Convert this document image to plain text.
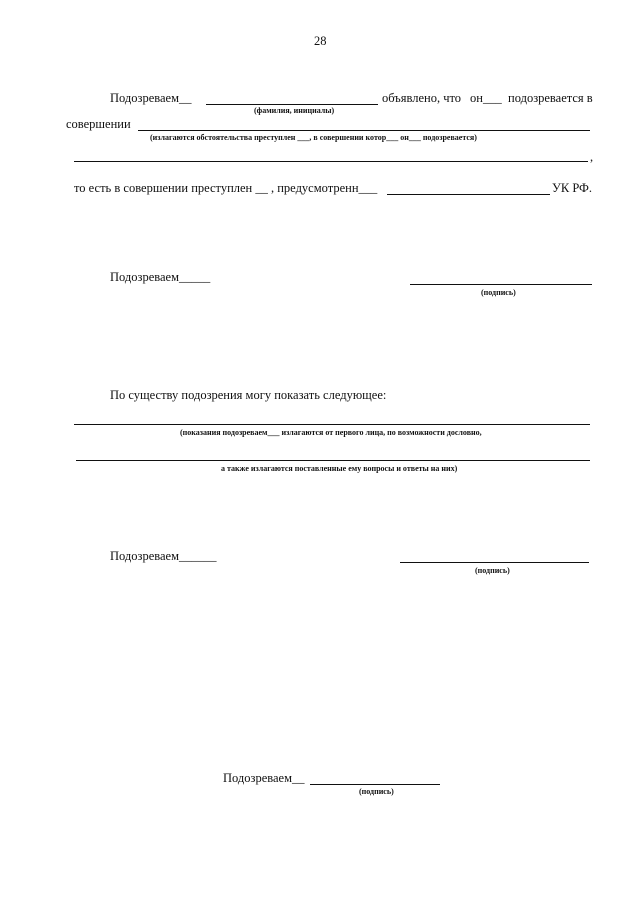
28
Подозреваем__	объявлено, что он___ подозревается в
(фамилия, инициалы)
совершении
(излагаются обстоятельства преступлен ___, в совершении котор___ он___ подозревается)
,
то есть в совершении преступлен __ , предусмотренн___	УК РФ.
Подозреваем_____
(подпись)
По существу подозрения могу показать следующее:
(показания подозреваем___ излагаются от первого лица, по возможности дословно,
а также излагаются поставленные ему вопросы и ответы на них)
Подозреваем______
(подпись)
Подозреваем__
(подпись)
